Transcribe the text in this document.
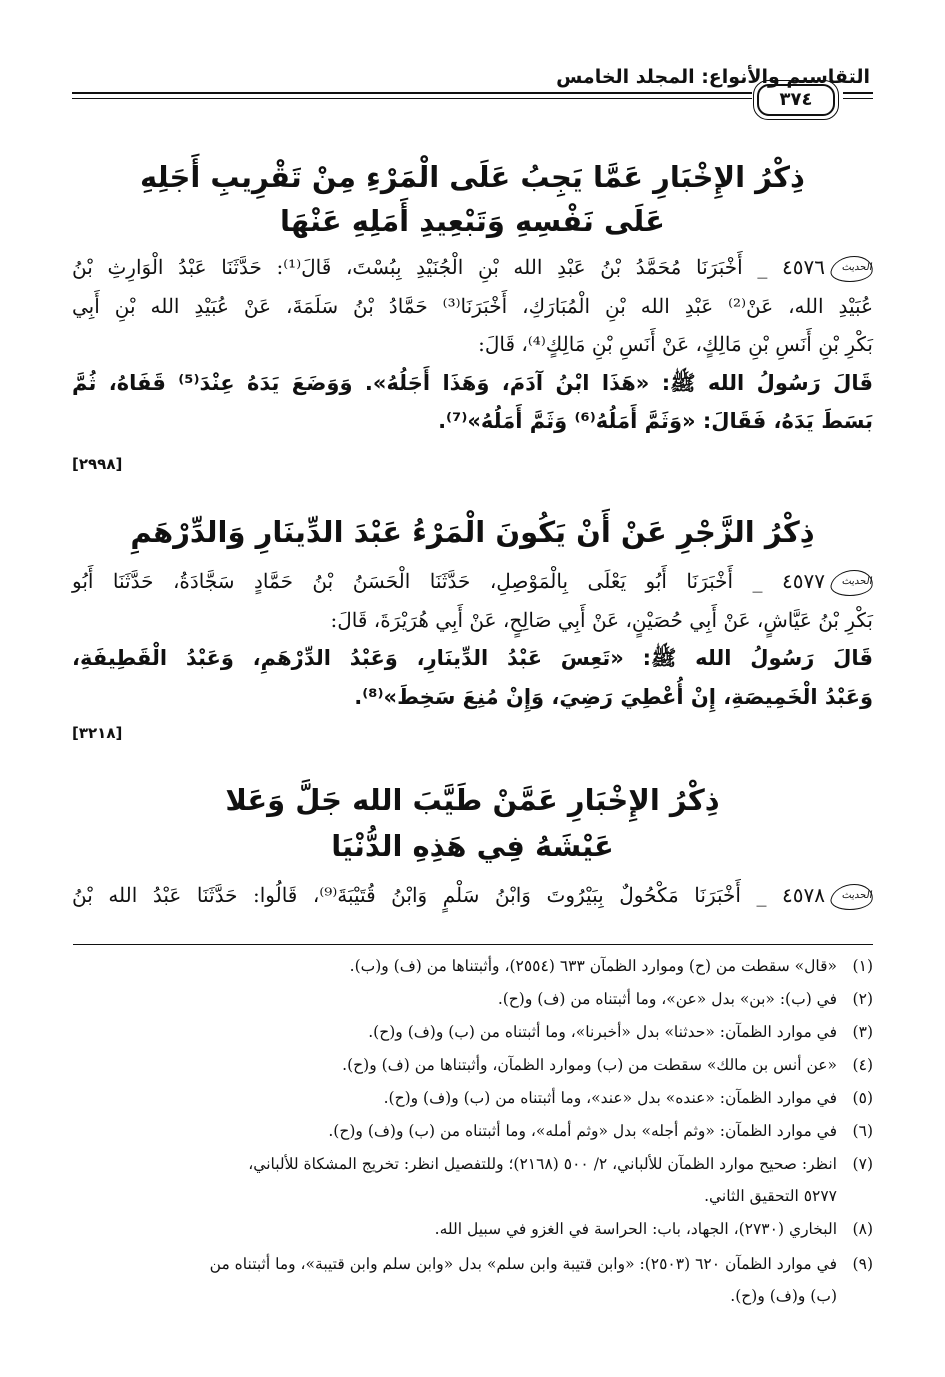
التقاسيم والأنواع: المجلد الخامس
٣٧٤
ذِكْرُ الإِخْبَارِ عَمَّا يَجِبُ عَلَى الْمَرْءِ مِنْ تَقْرِيبِ أَجَلِهِ
عَلَى نَفْسِهِ وَتَبْعِيدِ أَمَلِهِ عَنْهَا
الحديث٤٥٧٦ _ أَخْبَرَنَا مُحَمَّدُ بْنُ عَبْدِ الله بْنِ الْجُنَيْدِ بِبُسْتَ، قَالَ⁽¹⁾: حَدَّثَنَا عَبْدُ الْوَارِثِ بْنُ
عُبَيْدِ الله، عَنْ⁽²⁾ عَبْدِ الله بْنِ الْمُبَارَكِ، أَخْبَرَنَا⁽³⁾ حَمَّادُ بْنُ سَلَمَةَ، عَنْ عُبَيْدِ الله بْنِ أَبِي
بَكْرِ بْنِ أَنَسِ بْنِ مَالِكٍ، عَنْ أَنَسِ بْنِ مَالِكٍ⁽⁴⁾، قَالَ:
قَالَ رَسُولُ الله ﷺ: «هَذَا ابْنُ آدَمَ، وَهَذَا أَجَلُهُ». وَوَضَعَ يَدَهُ عِنْدَ⁽⁵⁾ قَفَاهُ، ثُمَّ
بَسَطَ يَدَهُ، فَقَالَ: «وَثَمَّ أَمَلُهُ⁽⁶⁾ وَثَمَّ أَمَلُهُ»⁽⁷⁾.
[٢٩٩٨]
ذِكْرُ الزَّجْرِ عَنْ أَنْ يَكُونَ الْمَرْءُ عَبْدَ الدِّينَارِ وَالدِّرْهَمِ
الحديث٤٥٧٧ _ أَخْبَرَنَا أَبُو يَعْلَى بِالْمَوْصِلِ، حَدَّثَنَا الْحَسَنُ بْنُ حَمَّادٍ سَجَّادَةُ، حَدَّثَنَا أَبُو
بَكْرِ بْنُ عَيَّاشٍ، عَنْ أَبِي حُصَيْنٍ، عَنْ أَبِي صَالِحٍ، عَنْ أَبِي هُرَيْرَةَ، قَالَ:
قَالَ رَسُولُ الله ﷺ: «تَعِسَ عَبْدُ الدِّينَارِ، وَعَبْدُ الدِّرْهَمِ، وَعَبْدُ الْقَطِيفَةِ،
وَعَبْدُ الْخَمِيصَةِ، إِنْ أُعْطِيَ رَضِيَ، وَإِنْ مُنِعَ سَخِطَ»⁽⁸⁾.
[٣٢١٨]
ذِكْرُ الإِخْبَارِ عَمَّنْ طَيَّبَ الله جَلَّ وَعَلا
عَيْشَهُ فِي هَذِهِ الدُّنْيَا
الحديث٤٥٧٨ _ أَخْبَرَنَا مَكْحُولٌ بِبَيْرُوتَ وَابْنُ سَلْمٍ وَابْنُ قُتَيْبَةَ⁽⁹⁾، قَالُوا: حَدَّثَنَا عَبْدُ الله بْنُ
(١)«قال» سقطت من (ح) وموارد الظمآن ٦٣٣ (٢٥٥٤)، وأثبتناها من (ف) و(ب).
(٢)في (ب): «بن» بدل «عن»، وما أثبتناه من (ف) و(ح).
(٣)في موارد الظمآن: «حدثنا» بدل «أخبرنا»، وما أثبتناه من (ب) و(ف) و(ح).
(٤)«عن أنس بن مالك» سقطت من (ب) وموارد الظمآن، وأثبتناها من (ف) و(ح).
(٥)في موارد الظمآن: «عنده» بدل «عند»، وما أثبتناه من (ب) و(ف) و(ح).
(٦)في موارد الظمآن: «وثم أجله» بدل «وثم أمله»، وما أثبتناه من (ب) و(ف) و(ح).
(٧)انظر: صحيح موارد الظمآن للألباني، ٢/ ٥٠٠ (٢١٦٨)؛ وللتفصيل انظر: تخريج المشكاة للألباني،
٥٢٧٧ التحقيق الثاني.
(٨)البخاري (٢٧٣٠)، الجهاد، باب: الحراسة في الغزو في سبيل الله.
(٩)في موارد الظمآن ٦٢٠ (٢٥٠٣): «وابن قتيبة وابن سلم» بدل «وابن سلم وابن قتيبة»، وما أثبتناه من
(ب) و(ف) و(ح).
